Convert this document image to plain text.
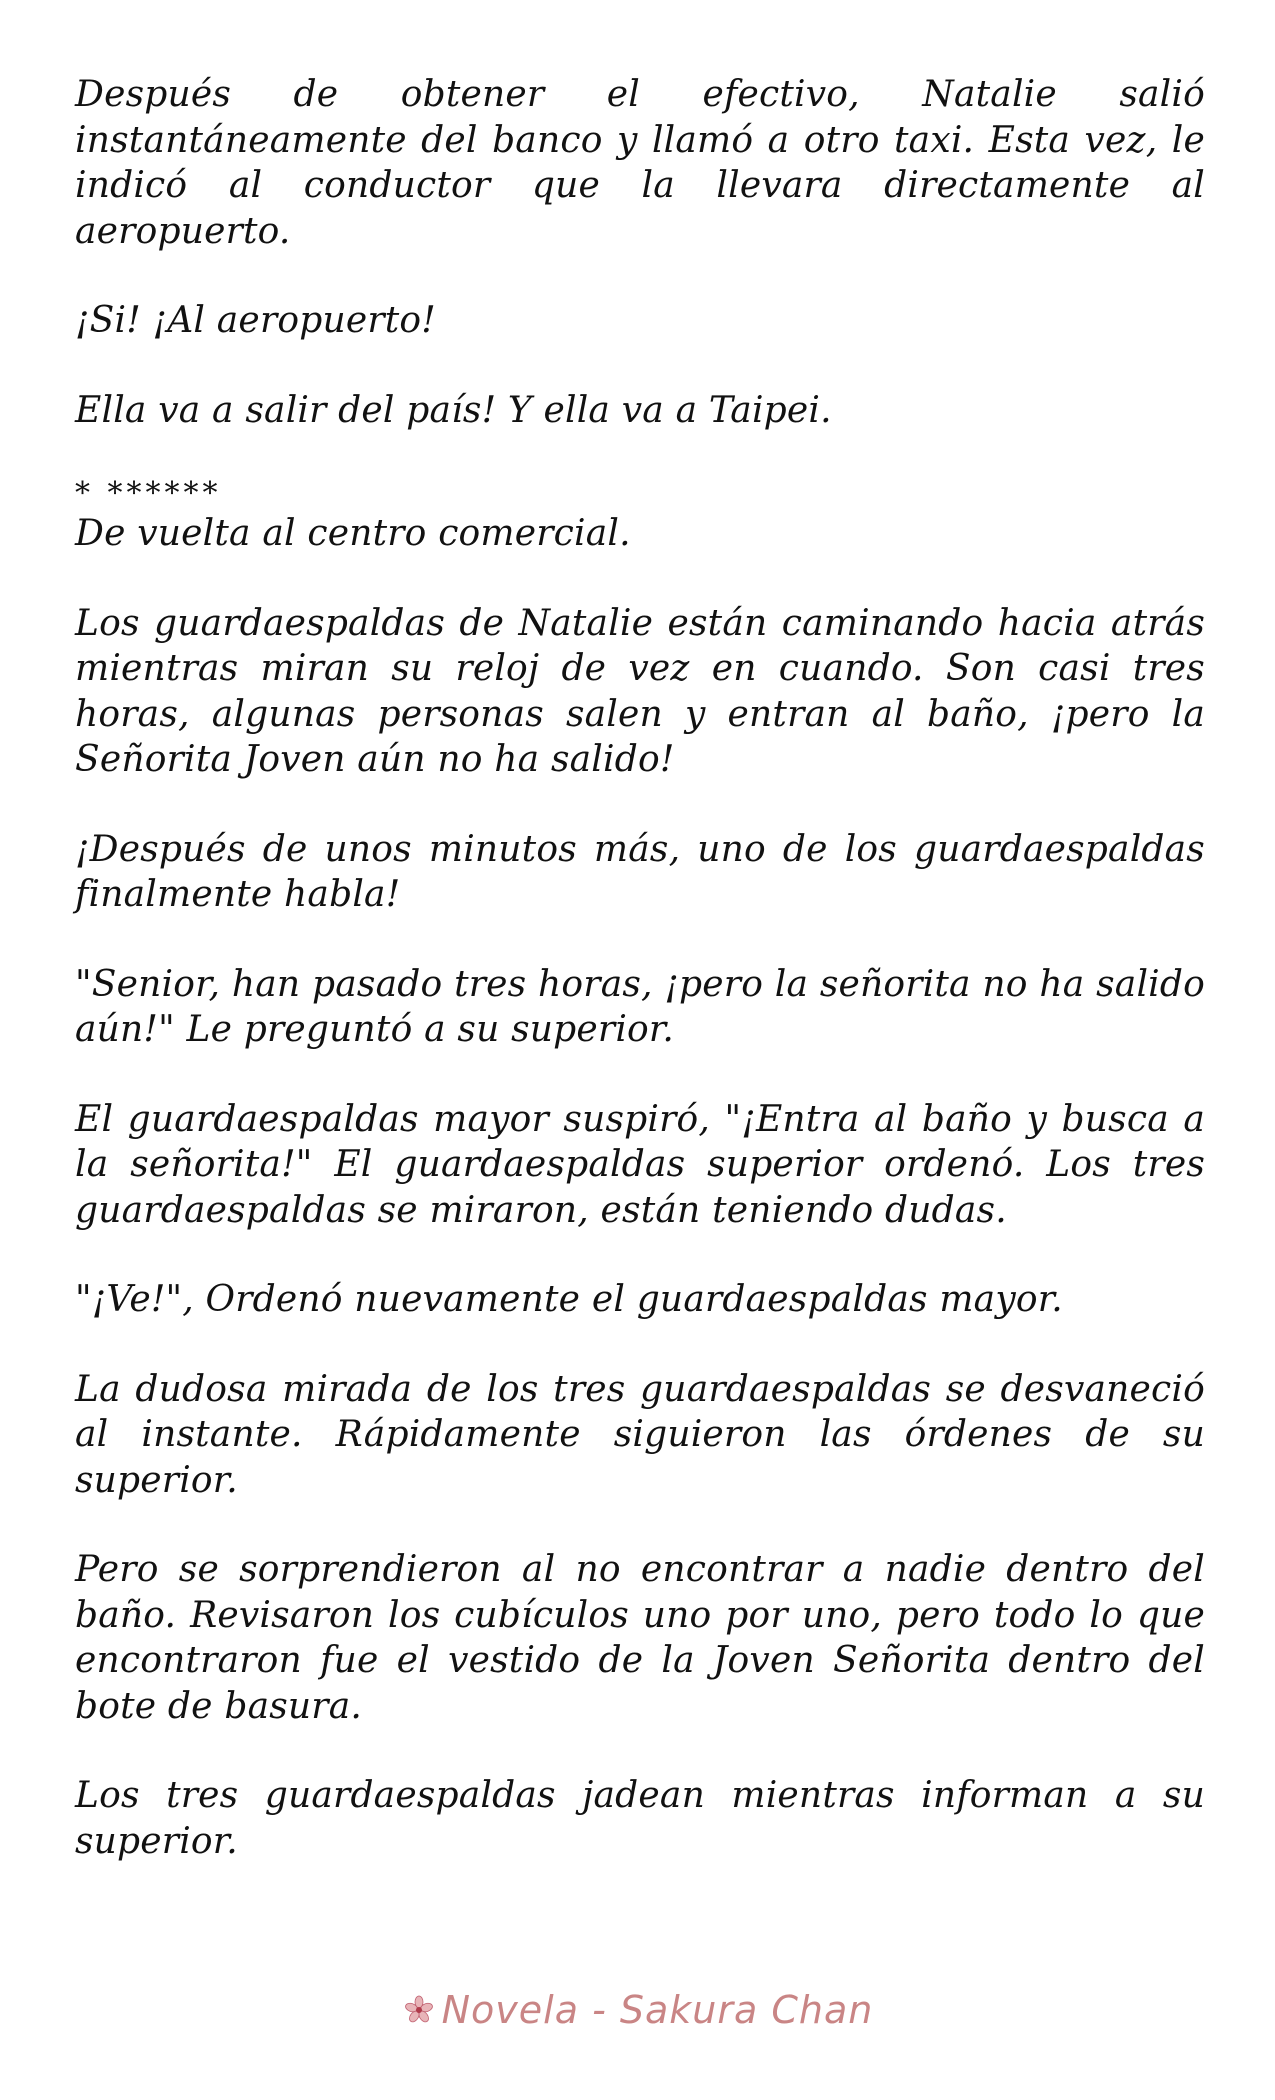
Después de obtener el efectivo, Natalie salió instantáneamente del banco y llamó a otro taxi. Esta vez, le indicó al conductor que la llevara directamente al aeropuerto.

¡Si! ¡Al aeropuerto!

Ella va a salir del país! Y ella va a Taipei.

* ******

De vuelta al centro comercial.

Los guardaespaldas de Natalie están caminando hacia atrás mientras miran su reloj de vez en cuando. Son casi tres horas, algunas personas salen y entran al baño, ¡pero la Señorita Joven aún no ha salido!

¡Después de unos minutos más, uno de los guardaespaldas finalmente habla!

"Senior, han pasado tres horas, ¡pero la señorita no ha salido aún!" Le preguntó a su superior.

El guardaespaldas mayor suspiró, "¡Entra al baño y busca a la señorita!" El guardaespaldas superior ordenó. Los tres guardaespaldas se miraron, están teniendo dudas.

"¡Ve!", Ordenó nuevamente el guardaespaldas mayor.

La dudosa mirada de los tres guardaespaldas se desvaneció al instante. Rápidamente siguieron las órdenes de su superior.

Pero se sorprendieron al no encontrar a nadie dentro del baño. Revisaron los cubículos uno por uno, pero todo lo que encontraron fue el vestido de la Joven Señorita dentro del bote de basura.

Los tres guardaespaldas jadean mientras informan a su superior.

Novela - Sakura Chan
